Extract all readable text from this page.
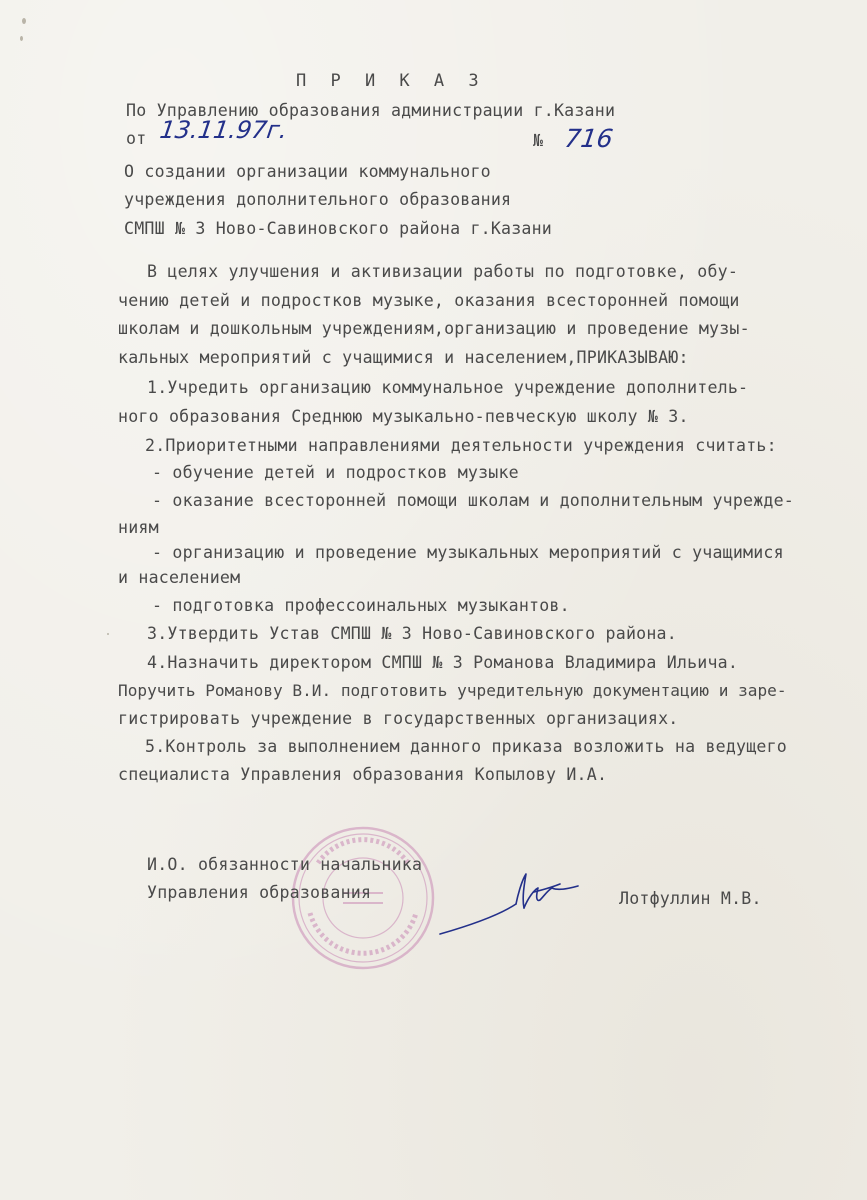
П Р И К А З
По Управлению образования администрации г.Казани
от 13.11.97г.	№ 716
О создании организации коммунального
учреждения дополнительного образования
СМПШ № 3 Ново-Савиновского района г.Казани
В целях улучшения и активизации работы по подготовке, обу-
чению детей и подростков музыке, оказания всесторонней помощи
школам и дошкольным учреждениям,организацию и проведение музы-
кальных мероприятий с учащимися и населением,ПРИКАЗЫВАЮ:
1.Учредить организацию коммунальное учреждение дополнитель-
ного образования Среднюю музыкально-певческую школу № 3.
2.Приоритетными направлениями деятельности учреждения считать:
- обучение детей и подростков музыке
- оказание всесторонней помощи школам и дополнительным учрежде-
ниям
- организацию и проведение музыкальных мероприятий с учащимися
и населением
- подготовка профессоинальных музыкантов.
3.Утвердить Устав СМПШ № 3 Ново-Савиновского района.
4.Назначить директором СМПШ № 3 Романова Владимира Ильича.
Поручить Романову В.И. подготовить учредительную документацию и заре-
гистрировать учреждение в государственных организациях.
5.Контроль за выполнением данного приказа возложить на ведущего
специалиста Управления образования Копылову И.А.
И.О. обязанности начальника
Управления образования	Лотфуллин М.В.
